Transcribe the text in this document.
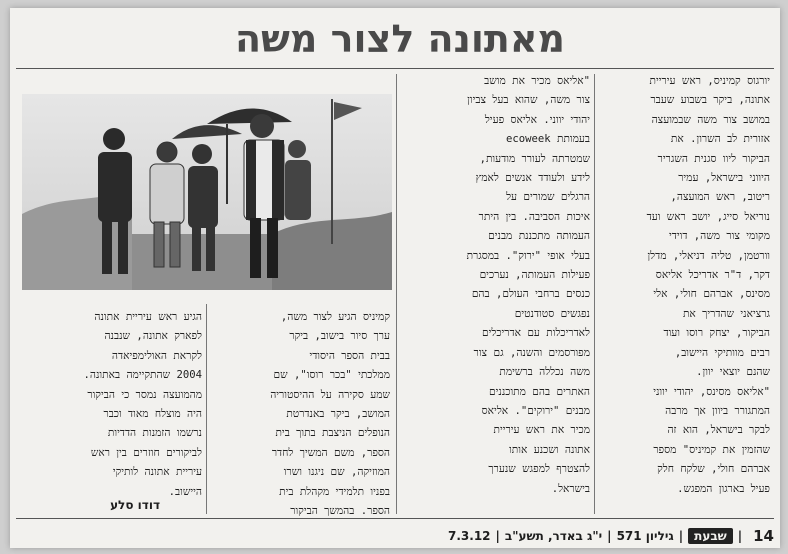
מאתונה לצור משה
יורגוס קמיניס, ראש עיריית
אתונה, ביקר בשבוע שעבר
במושב צור משה שבמועצה
אזורית לב השרון. את
הביקור ליוו סגנית השגריר
היווני בישראל, עמיר
ריטוב, ראש המועצה,
נוריאל סייג, יושב ראש ועד
מקומי צור משה, דוידי
וורטמן, טליה דניאלי, מדלן
דקר, ד"ר אדריכל אליאס
מסינס, אברהם חולי, אלי
גרציאני שהדריך את
הביקור, יצחק רוסו ועוד
רבים מוותיקי היישוב,
שהנם יוצאי יוון.
"אליאס מסינס, יהודי יווני
המתגורר ביוון אך מרבה
לבקר בישראל, הוא זה
שהזמין את קמיניס" מספר
אברהם חולי, שלקח חלק
פעיל בארגון המפגש.
"אליאס מכיר את מושב
צור משה, שהוא בעל צביון
יהודי יווני. אליאס פעיל
בעמותת ecoweek
שמטרתה לעורר מודעות,
לידע ולעודד אנשים לאמץ
הרגלים שמורים על
איכות הסביבה. בין היתר
העמותה מתכננת מבנים
בעלי אופי "ירוק". במסגרת
פעילות העמותה, נערכים
כנסים ברחבי העולם, בהם
נפגשים סטודנטים
לאדריכלות עם אדריכלים
מפורסמים והשנה, גם צור
משה נכללה ברשימת
האתרים בהם מתוכננים
מבנים "ירוקים". אליאס
מכיר את ראש עיריית
אתונה ושכנע אותו
להצטרף למפגש שנערך
בישראל.
קמיניס הגיע לצור משה,
ערך סיור בישוב, ביקר
בבית הספר היסודי
ממלכתי "בכר רוסו", שם
שמע סקירה על ההיסטוריה
המושב, ביקר באנדרטת
הנופלים הניצבת בתוך בית
הספר, משם המשיך לחדר
המוזיקה, שם ניגנו ושרו
בפניו תלמידי מקהלת בית
הספר. בהמשך הביקור
הגיע ראש עיריית אתונה
לפארק אתונה, שנבנה
לקראת האולימפיאדה
2004 שהתקיימה באתונה.
מהמועצה נמסר כי הביקור
היה מוצלח מאוד וכבר
נרשמו הזמנות הדדיות
לביקורים חוזרים בין ראש
עיריית אתונה לותיקי
היישוב.
דודו סלע
14
|
שבעת
|
גיליון 571
|
י"ג באדר, תשע"ב
|
7.3.12
